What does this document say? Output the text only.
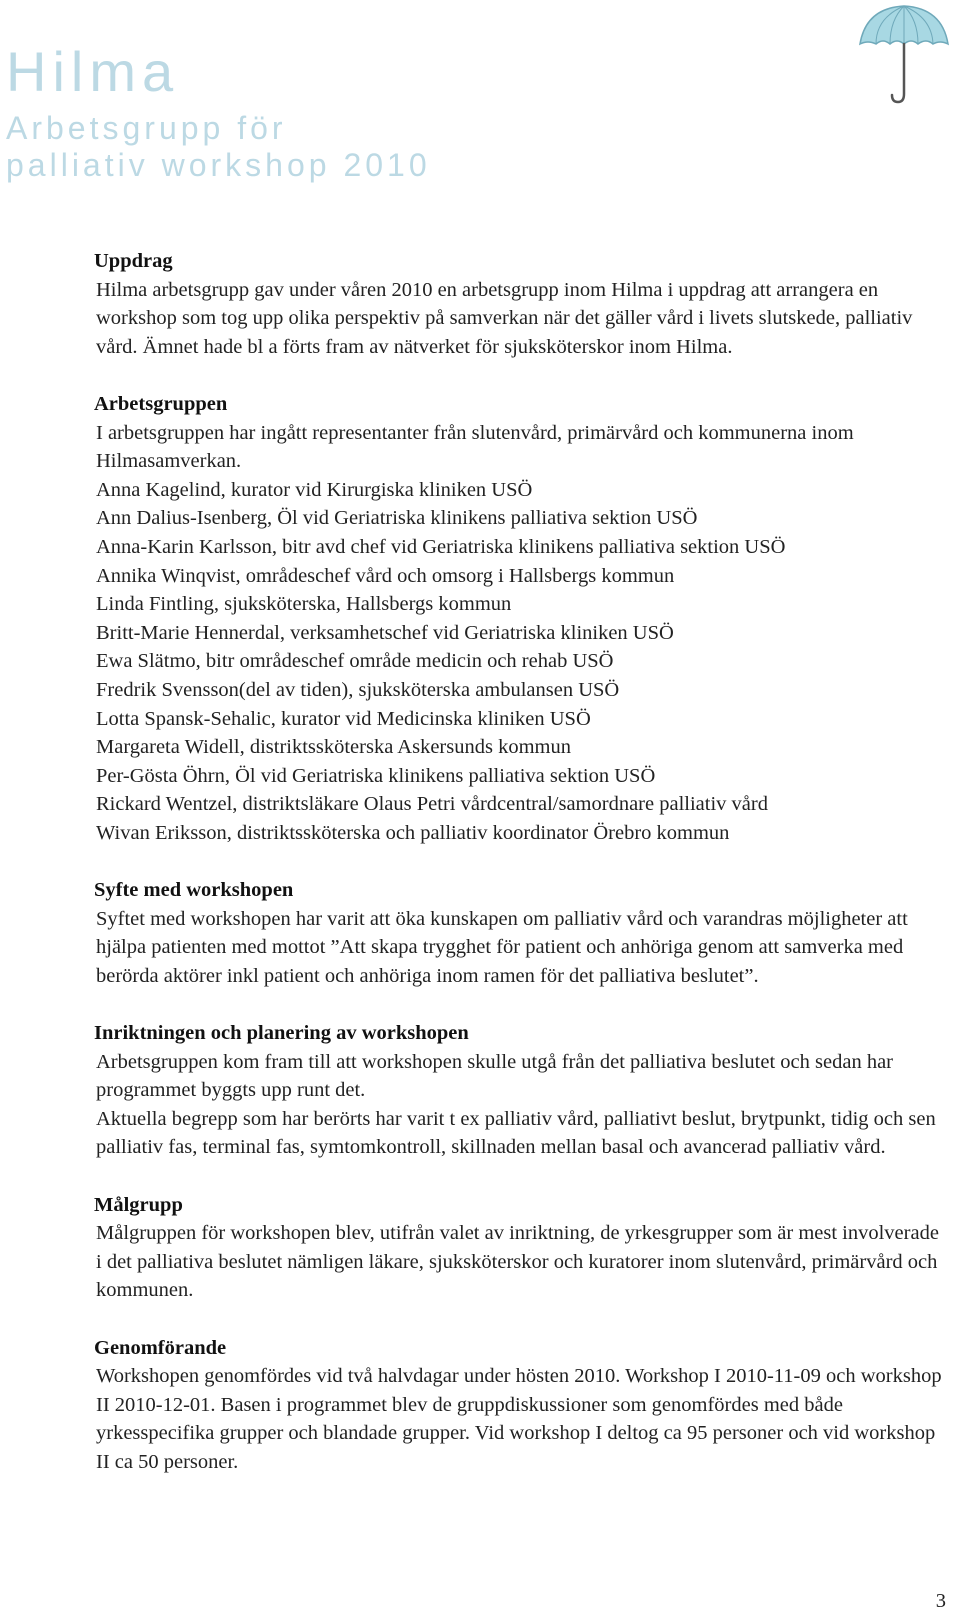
Hilma
Arbetsgrupp för
palliativ workshop 2010
Uppdrag

Hilma arbetsgrupp gav under våren 2010 en arbetsgrupp inom Hilma i uppdrag att arrangera en workshop som tog upp olika perspektiv på samverkan när det gäller vård i livets slutskede, palliativ vård. Ämnet hade bl a förts fram av nätverket för sjuksköterskor inom Hilma.

Arbetsgruppen

I arbetsgruppen har ingått representanter från slutenvård, primärvård och kommunerna inom Hilmasamverkan.

Anna Kagelind, kurator vid Kirurgiska kliniken USÖ
Ann Dalius-Isenberg, Öl vid Geriatriska klinikens palliativa sektion USÖ
Anna-Karin Karlsson, bitr avd chef vid Geriatriska klinikens palliativa sektion USÖ
Annika Winqvist, områdeschef vård och omsorg i Hallsbergs kommun
Linda Fintling, sjuksköterska, Hallsbergs kommun
Britt-Marie Hennerdal, verksamhetschef vid Geriatriska kliniken USÖ
Ewa Slätmo, bitr områdeschef område medicin och rehab USÖ
Fredrik Svensson(del av tiden), sjuksköterska ambulansen USÖ
Lotta Spansk-Sehalic, kurator vid Medicinska kliniken USÖ
Margareta Widell, distriktssköterska Askersunds kommun
Per-Gösta Öhrn, Öl vid Geriatriska klinikens palliativa sektion USÖ
Rickard Wentzel, distriktsläkare Olaus Petri vårdcentral/samordnare palliativ vård
Wivan Eriksson, distriktssköterska och palliativ koordinator Örebro kommun
Syfte med workshopen

Syftet med workshopen har varit att öka kunskapen om palliativ vård och varandras möjligheter att hjälpa patienten med mottot ”Att skapa trygghet för patient och anhöriga genom att samverka med berörda aktörer inkl patient och anhöriga inom ramen för det palliativa beslutet”.

Inriktningen och planering av workshopen

Arbetsgruppen kom fram till att workshopen skulle utgå från det palliativa beslutet och sedan har programmet byggts upp runt det.

Aktuella begrepp som har berörts har varit t ex palliativ vård, palliativt beslut, brytpunkt, tidig och sen palliativ fas, terminal fas, symtomkontroll, skillnaden mellan basal och avancerad palliativ vård.

Målgrupp

Målgruppen för workshopen blev, utifrån valet av inriktning, de yrkesgrupper som är mest involverade i det palliativa beslutet nämligen läkare, sjuksköterskor och kuratorer inom slutenvård, primärvård och kommunen.

Genomförande

Workshopen genomfördes vid två halvdagar under hösten 2010. Workshop I 2010-11-09 och workshop II 2010-12-01. Basen i programmet blev de gruppdiskussioner som genomfördes med både yrkesspecifika grupper och blandade grupper. Vid workshop I deltog ca 95 personer och vid workshop II ca 50 personer.

3
